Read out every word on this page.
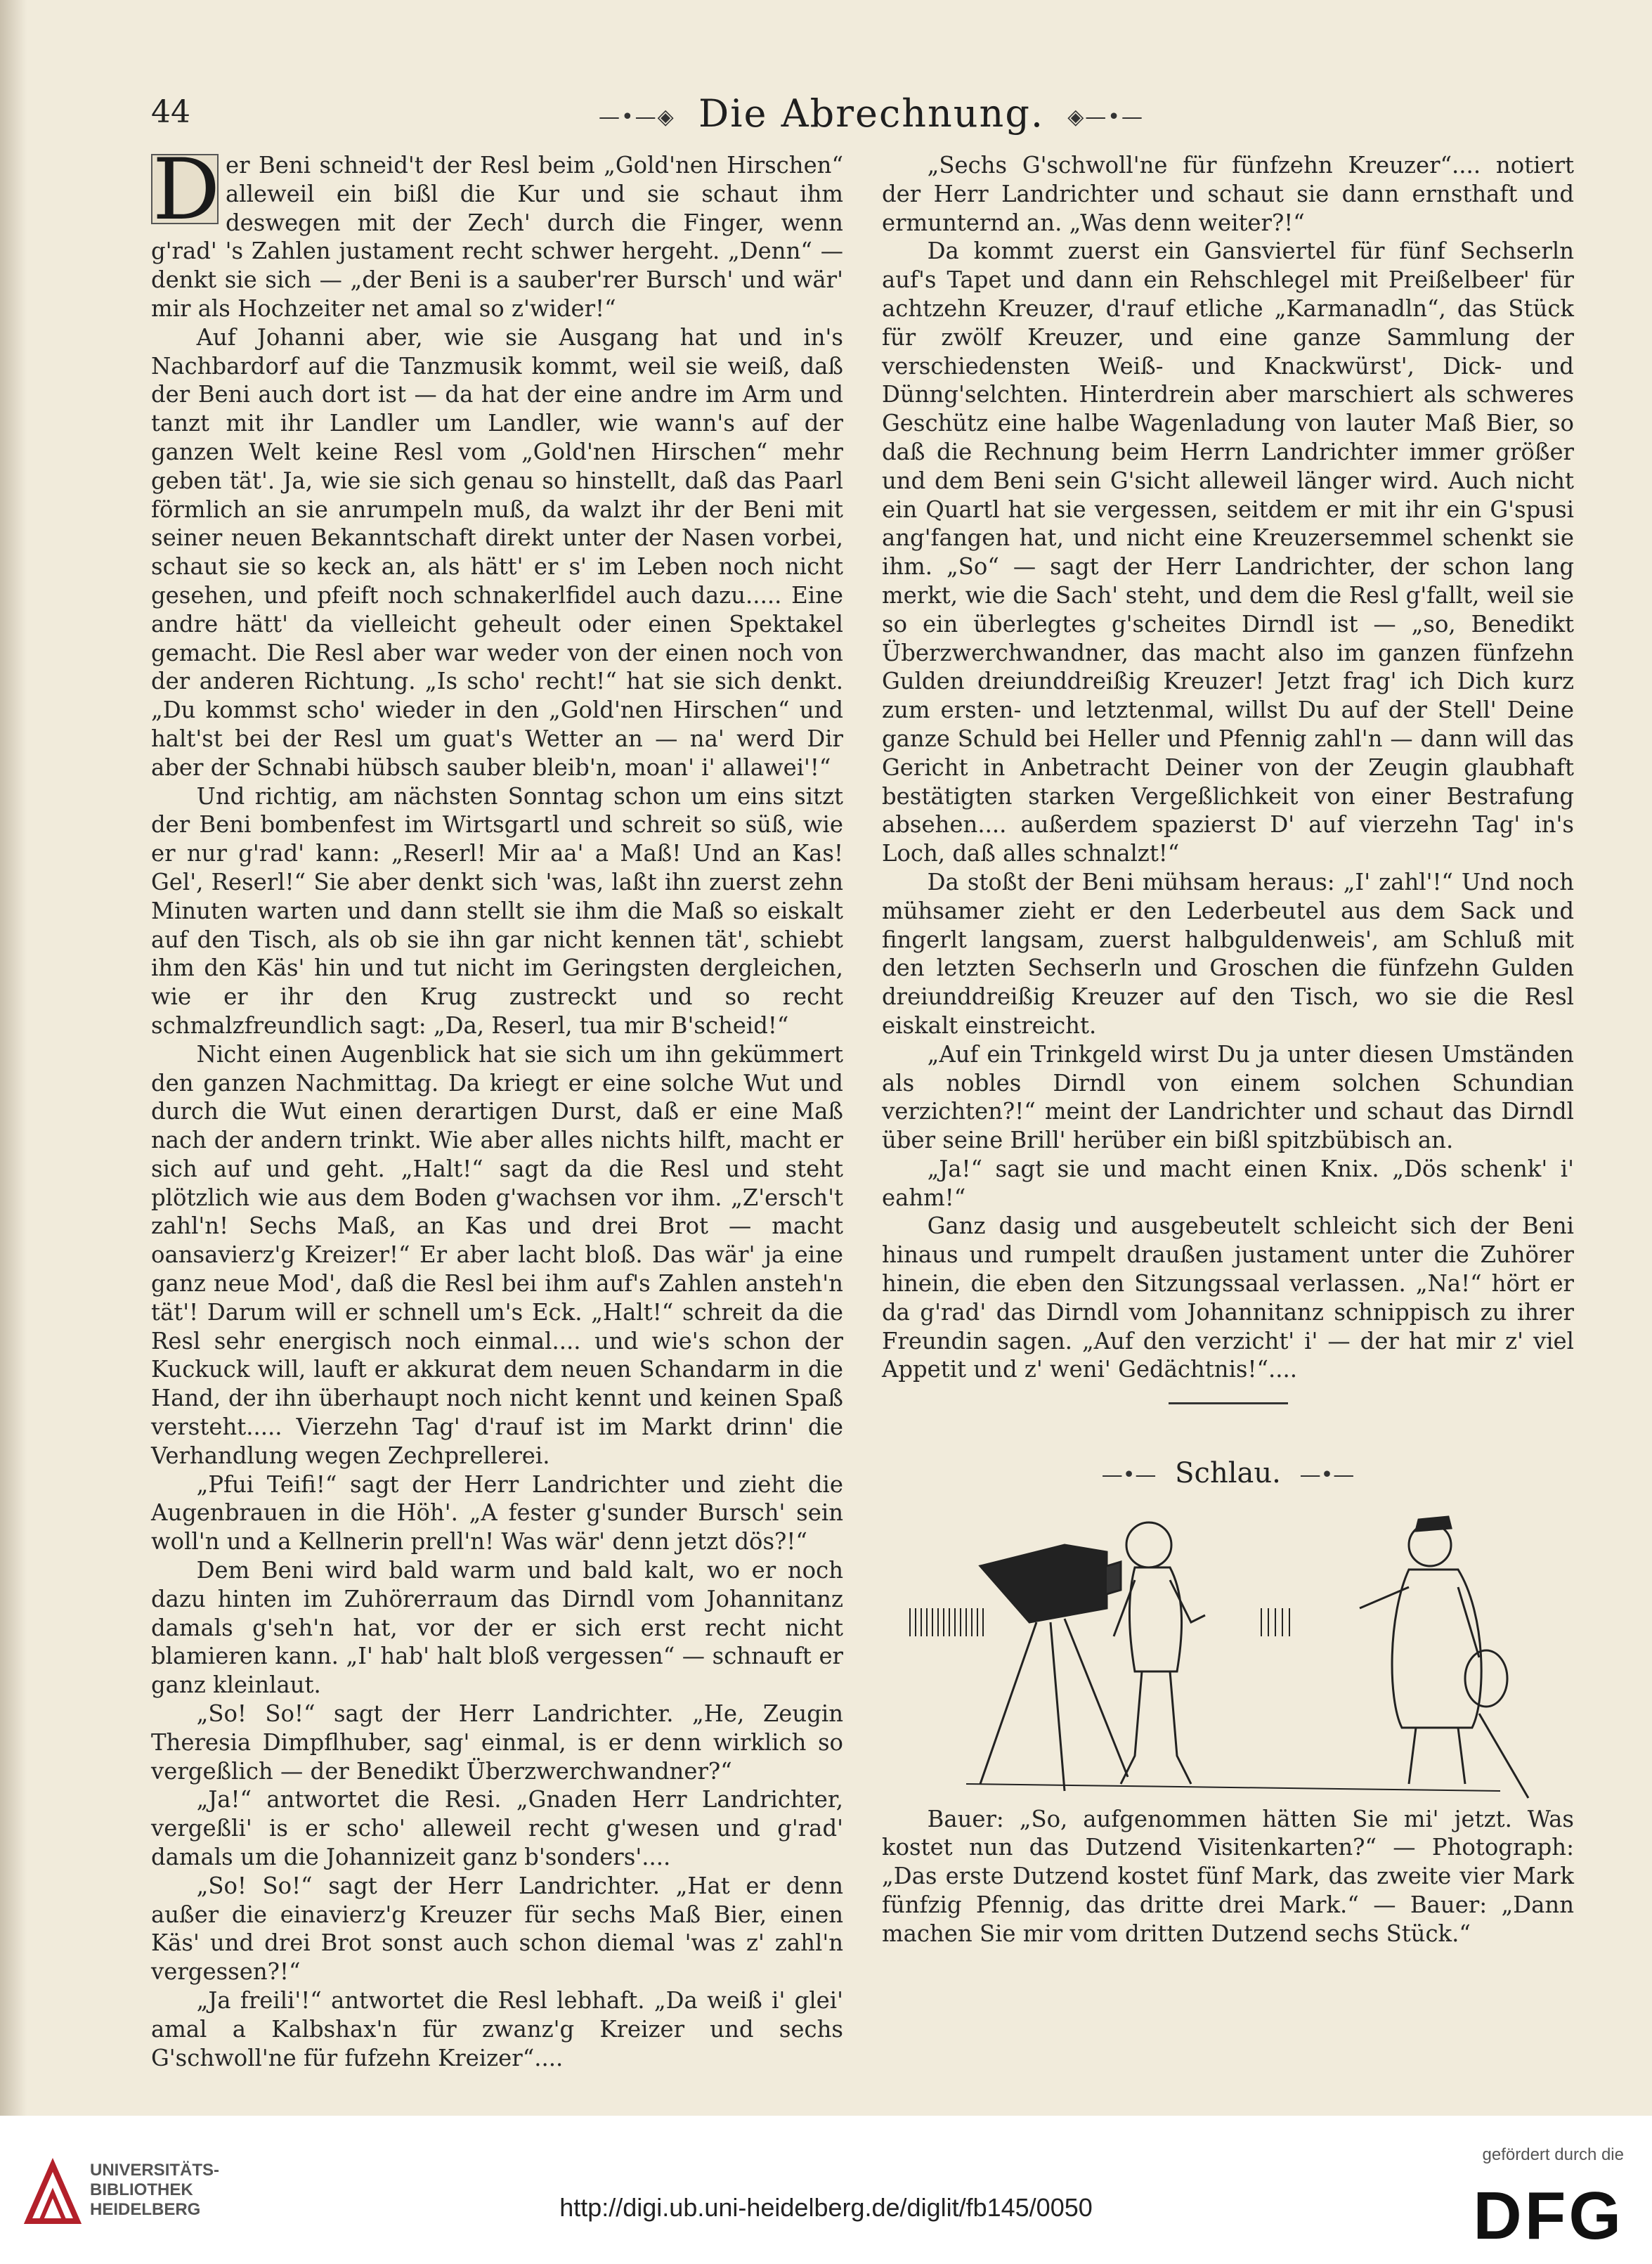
44	—•—◈ Die Abrechnung. ◈—•—

D er Beni schneid't der Resl beim „Gold'nen Hirschen“ alleweil ein bißl die Kur und sie schaut ihm deswegen mit der Zech' durch die Finger, wenn g'rad' 's Zahlen justament recht schwer hergeht. „Denn“ — denkt sie sich — „der Beni is a sauber'rer Bursch' und wär' mir als Hochzeiter net amal so z'wider!“

Auf Johanni aber, wie sie Ausgang hat und in's Nachbardorf auf die Tanzmusik kommt, weil sie weiß, daß der Beni auch dort ist — da hat der eine andre im Arm und tanzt mit ihr Landler um Landler, wie wann's auf der ganzen Welt keine Resl vom „Gold'nen Hirschen“ mehr geben tät'. Ja, wie sie sich genau so hinstellt, daß das Paarl förmlich an sie anrumpeln muß, da walzt ihr der Beni mit seiner neuen Bekanntschaft direkt unter der Nasen vorbei, schaut sie so keck an, als hätt' er s' im Leben noch nicht gesehen, und pfeift noch schnakerlfidel auch dazu..... Eine andre hätt' da vielleicht geheult oder einen Spektakel gemacht. Die Resl aber war weder von der einen noch von der anderen Richtung. „Is scho' recht!“ hat sie sich denkt. „Du kommst scho' wieder in den „Gold'nen Hirschen“ und halt'st bei der Resl um guat's Wetter an — na' werd Dir aber der Schnabi hübsch sauber bleib'n, moan' i' allawei'!“

Und richtig, am nächsten Sonntag schon um eins sitzt der Beni bombenfest im Wirtsgartl und schreit so süß, wie er nur g'rad' kann: „Reserl! Mir aa' a Maß! Und an Kas! Gel', Reserl!“ Sie aber denkt sich 'was, laßt ihn zuerst zehn Minuten warten und dann stellt sie ihm die Maß so eiskalt auf den Tisch, als ob sie ihn gar nicht kennen tät', schiebt ihm den Käs' hin und tut nicht im Geringsten dergleichen, wie er ihr den Krug zustreckt und so recht schmalzfreundlich sagt: „Da, Reserl, tua mir B'scheid!“

Nicht einen Augenblick hat sie sich um ihn gekümmert den ganzen Nachmittag. Da kriegt er eine solche Wut und durch die Wut einen derartigen Durst, daß er eine Maß nach der andern trinkt. Wie aber alles nichts hilft, macht er sich auf und geht. „Halt!“ sagt da die Resl und steht plötzlich wie aus dem Boden g'wachsen vor ihm. „Z'ersch't zahl'n! Sechs Maß, an Kas und drei Brot — macht oansavierz'g Kreizer!“ Er aber lacht bloß. Das wär' ja eine ganz neue Mod', daß die Resl bei ihm auf's Zahlen ansteh'n tät'! Darum will er schnell um's Eck. „Halt!“ schreit da die Resl sehr energisch noch einmal.... und wie's schon der Kuckuck will, lauft er akkurat dem neuen Schandarm in die Hand, der ihn überhaupt noch nicht kennt und keinen Spaß versteht..... Vierzehn Tag' d'rauf ist im Markt drinn' die Verhandlung wegen Zechprellerei.

„Pfui Teifi!“ sagt der Herr Landrichter und zieht die Augenbrauen in die Höh'. „A fester g'sunder Bursch' sein woll'n und a Kellnerin prell'n! Was wär' denn jetzt dös?!“

Dem Beni wird bald warm und bald kalt, wo er noch dazu hinten im Zuhörerraum das Dirndl vom Johannitanz damals g'seh'n hat, vor der er sich erst recht nicht blamieren kann. „I' hab' halt bloß vergessen“ — schnauft er ganz kleinlaut.

„So! So!“ sagt der Herr Landrichter. „He, Zeugin Theresia Dimpflhuber, sag' einmal, is er denn wirklich so vergeßlich — der Benedikt Überzwerchwandner?“

„Ja!“ antwortet die Resi. „Gnaden Herr Landrichter, vergeßli' is er scho' alleweil recht g'wesen und g'rad' damals um die Johannizeit ganz b'sonders'....

„So! So!“ sagt der Herr Landrichter. „Hat er denn außer die einavierz'g Kreuzer für sechs Maß Bier, einen Käs' und drei Brot sonst auch schon diemal 'was z' zahl'n vergessen?!“

„Ja freili'!“ antwortet die Resl lebhaft. „Da weiß i' glei' amal a Kalbshax'n für zwanz'g Kreizer und sechs G'schwoll'ne für fufzehn Kreizer“....

„Sechs G'schwoll'ne für fünfzehn Kreuzer“.... notiert der Herr Landrichter und schaut sie dann ernsthaft und ermunternd an. „Was denn weiter?!“

Da kommt zuerst ein Gansviertel für fünf Sechserln auf's Tapet und dann ein Rehschlegel mit Preißelbeer' für achtzehn Kreuzer, d'rauf etliche „Karmanadln“, das Stück für zwölf Kreuzer, und eine ganze Sammlung der verschiedensten Weiß- und Knackwürst', Dick- und Dünng'selchten. Hinterdrein aber marschiert als schweres Geschütz eine halbe Wagenladung von lauter Maß Bier, so daß die Rechnung beim Herrn Landrichter immer größer und dem Beni sein G'sicht alleweil länger wird. Auch nicht ein Quartl hat sie vergessen, seitdem er mit ihr ein G'spusi ang'fangen hat, und nicht eine Kreuzersemmel schenkt sie ihm. „So“ — sagt der Herr Landrichter, der schon lang merkt, wie die Sach' steht, und dem die Resl g'fallt, weil sie so ein überlegtes g'scheites Dirndl ist — „so, Benedikt Überzwerchwandner, das macht also im ganzen fünfzehn Gulden dreiunddreißig Kreuzer! Jetzt frag' ich Dich kurz zum ersten- und letztenmal, willst Du auf der Stell' Deine ganze Schuld bei Heller und Pfennig zahl'n — dann will das Gericht in Anbetracht Deiner von der Zeugin glaubhaft bestätigten starken Vergeßlichkeit von einer Bestrafung absehen.... außerdem spazierst D' auf vierzehn Tag' in's Loch, daß alles schnalzt!“

Da stoßt der Beni mühsam heraus: „I' zahl'!“ Und noch mühsamer zieht er den Lederbeutel aus dem Sack und fingerlt langsam, zuerst halbguldenweis', am Schluß mit den letzten Sechserln und Groschen die fünfzehn Gulden dreiunddreißig Kreuzer auf den Tisch, wo sie die Resl eiskalt einstreicht.

„Auf ein Trinkgeld wirst Du ja unter diesen Umständen als nobles Dirndl von einem solchen Schundian verzichten?!“ meint der Landrichter und schaut das Dirndl über seine Brill' herüber ein bißl spitzbübisch an.

„Ja!“ sagt sie und macht einen Knix. „Dös schenk' i' eahm!“

Ganz dasig und ausgebeutelt schleicht sich der Beni hinaus und rumpelt draußen justament unter die Zuhörer hinein, die eben den Sitzungssaal verlassen. „Na!“ hört er da g'rad' das Dirndl vom Johannitanz schnippisch zu ihrer Freundin sagen. „Auf den verzicht' i' — der hat mir z' viel Appetit und z' weni' Gedächtnis!“....

—•— Schlau. —•—

Bauer: „So, aufgenommen hätten Sie mi' jetzt. Was kostet nun das Dutzend Visitenkarten?“ — Photograph: „Das erste Dutzend kostet fünf Mark, das zweite vier Mark fünfzig Pfennig, das dritte drei Mark.“ — Bauer: „Dann machen Sie mir vom dritten Dutzend sechs Stück.“

UNIVERSITÄTS-
BIBLIOTHEK
HEIDELBERG	http://digi.ub.uni-heidelberg.de/diglit/fb145/0050
gefördert durch die
DFG
